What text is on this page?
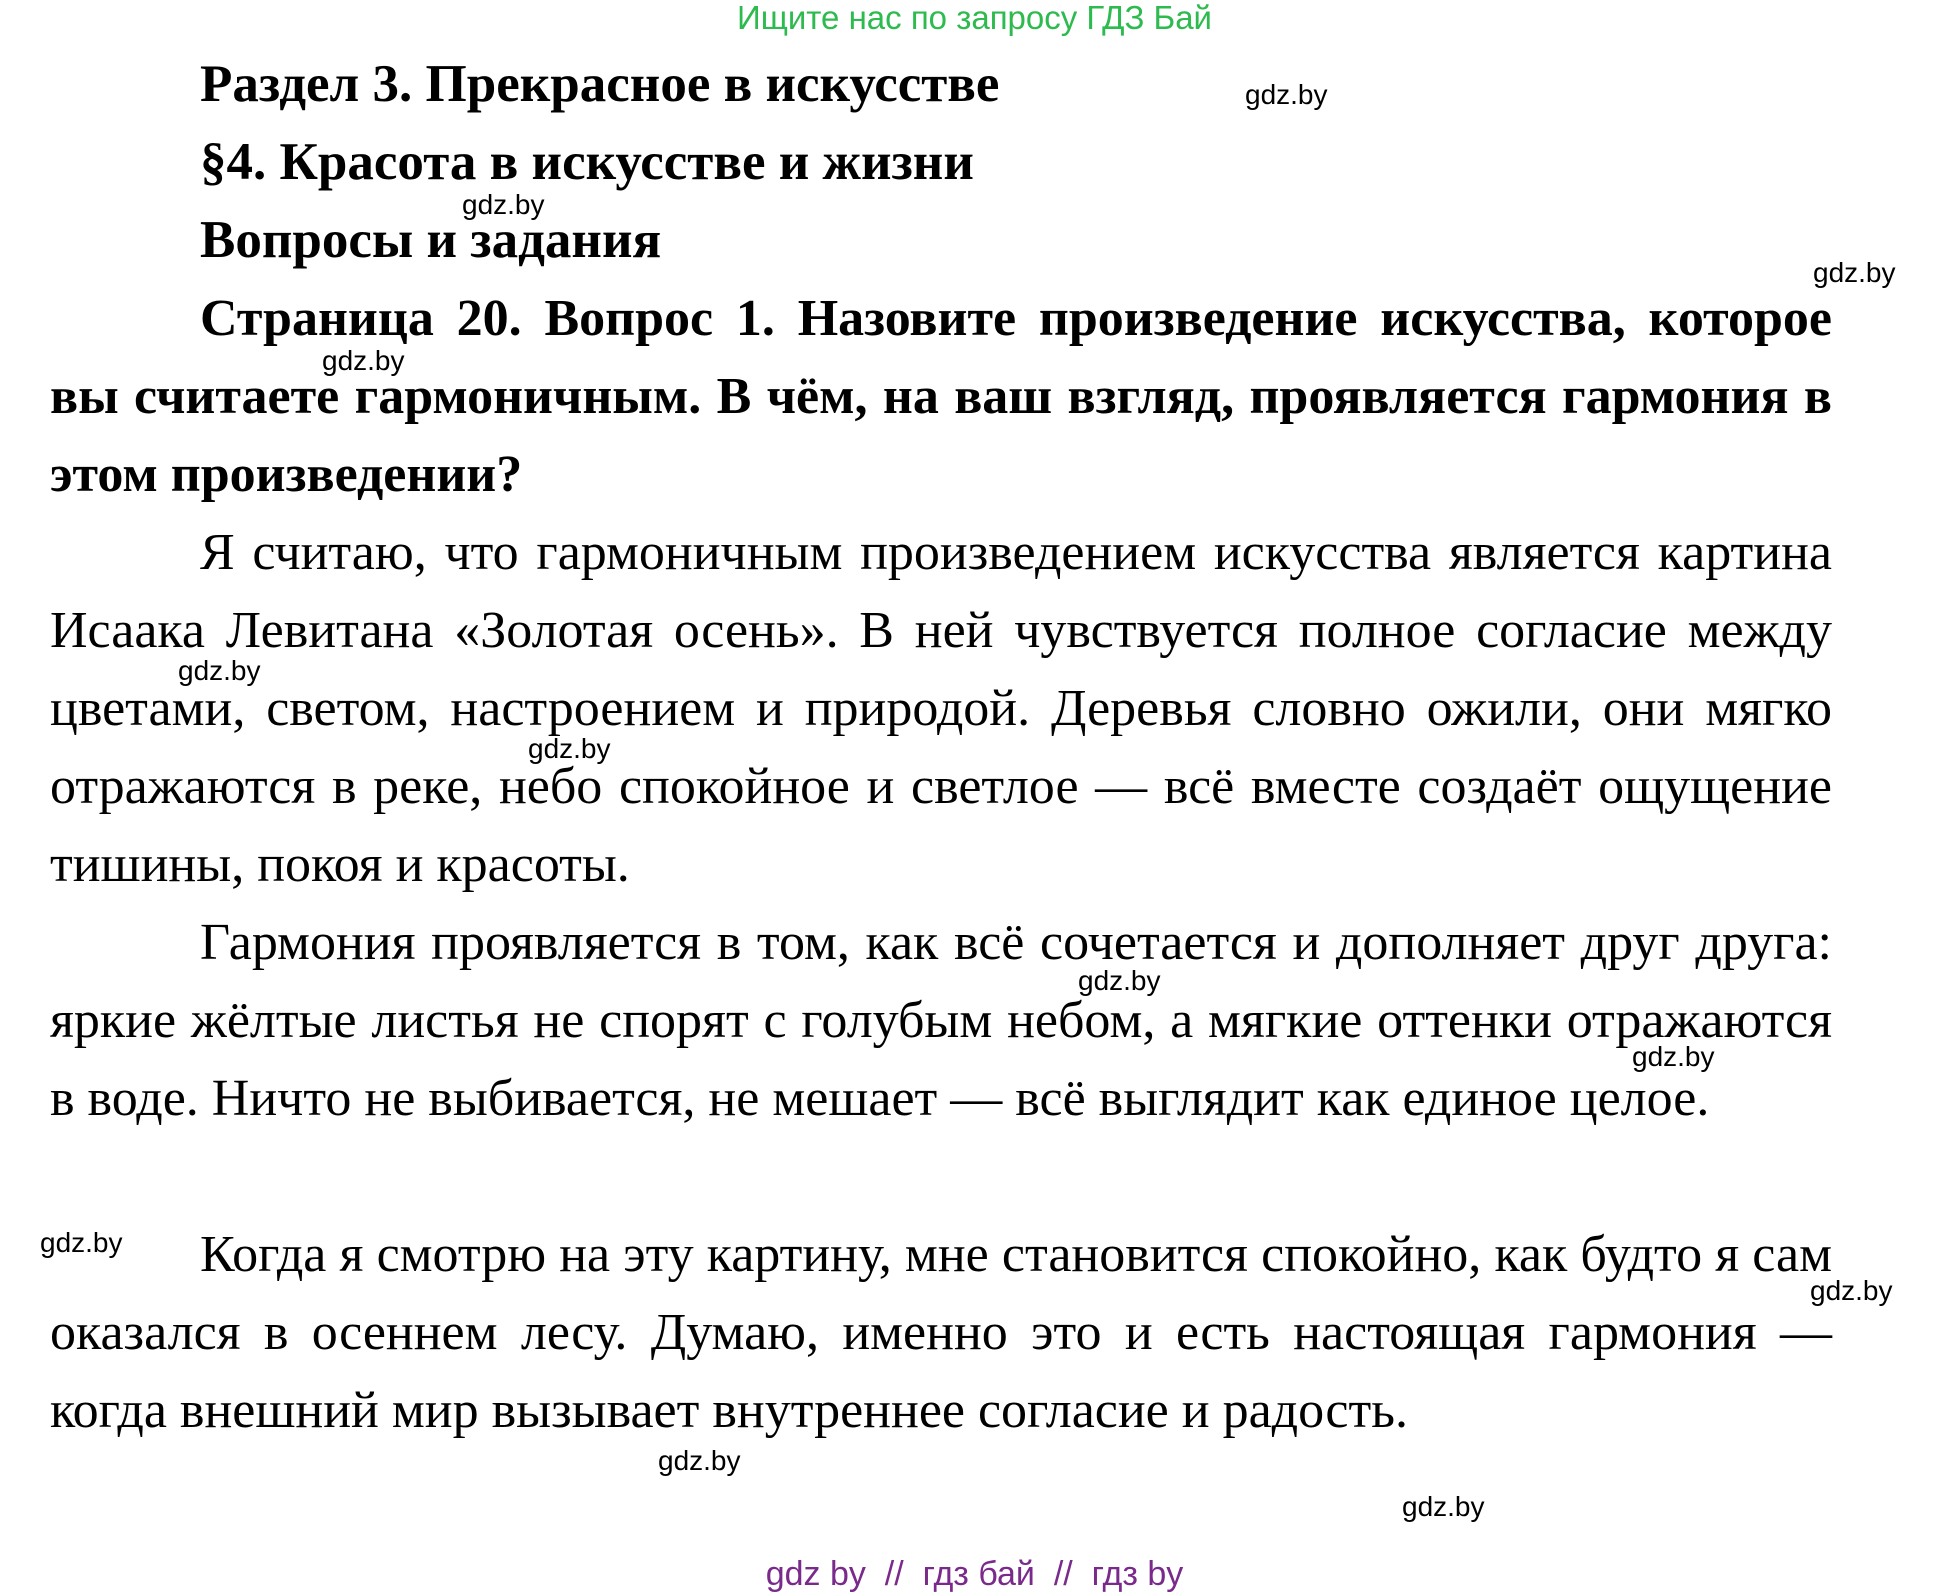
Ищите нас по запросу ГДЗ Бай
Раздел 3. Прекрасное в искусстве
§4. Красота в искусстве и жизни
Вопросы и задания
Страница 20. Вопрос 1. Назовите произведение искусства, которое вы считаете гармоничным. В чём, на ваш взгляд, проявляется гармония в этом произведении?
Я считаю, что гармоничным произведением искусства является картина Исаака Левитана «Золотая осень». В ней чувствуется полное согласие между цветами, светом, настроением и природой. Деревья словно ожили, они мягко отражаются в реке, небо спокойное и светлое — всё вместе создаёт ощущение тишины, покоя и красоты.
Гармония проявляется в том, как всё сочетается и дополняет друг друга: яркие жёлтые листья не спорят с голубым небом, а мягкие оттенки отражаются в воде. Ничто не выбивается, не мешает — всё выглядит как единое целое.
Когда я смотрю на эту картину, мне становится спокойно, как будто я сам оказался в осеннем лесу. Думаю, именно это и есть настоящая гармония — когда внешний мир вызывает внутреннее согласие и радость.
gdz.by
gdz.by
gdz.by
gdz.by
gdz.by
gdz.by
gdz.by
gdz.by
gdz.by
gdz.by
gdz.by
gdz.by
gdz by  //  гдз бай  //  гдз by
